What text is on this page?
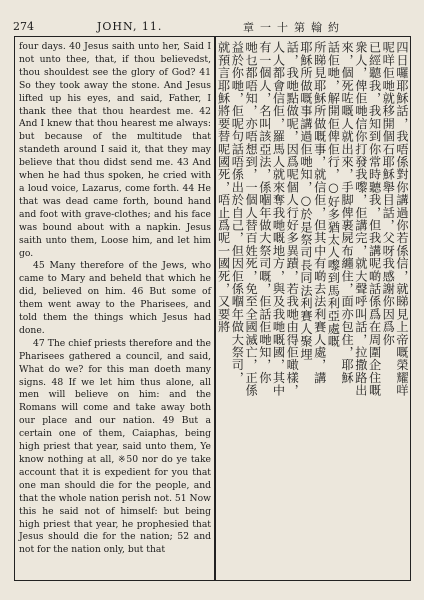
274	JOHN, 11.	章一十第翰約

four days. 40 Jesus saith unto her, Said I not unto thee, that, if thou believedst, thou shouldest see the glory of God? 41 So they took away the stone. And Jesus lifted up his eyes, and said, Father, I thank thee that thou heardest me. 42 And I knew that thou hearest me always: but because of the multitude that standeth around I said it, that they may believe that thou didst send me. 43 And when he had thus spoken, he cried with a loud voice, Lazarus, come forth. 44 He that was dead came forth, bound hand and foot with grave-clothes; and his face was bound about with a napkin. Jesus saith unto them, Loose him, and let him go.

45 Many therefore of the Jews, who came to Mary and beheld that which he did, believed on him. 46 But some of them went away to the Pharisees, and told them the things which Jesus had done.

47 The chief priests therefore and the Pharisees gathered a council, and said, What do we? for this man doeth many signs. 48 If we let him thus alone, all men will believe on him: and the Romans will come and take away both our place and our nation. 49 But a certain one of them, Caiaphas, being high priest that year, said unto them, Ye know nothing at all, ※50 nor do ye take account that it is expedient for you that one man should die for the people, and that the whole nation perish not. 51 Now this he said not of himself: but being high priest that year, he prophesied that Jesus should die for the nation; 52 and not for the nation only, but that

四日囉耶穌話，我唔係對你講過你若係信，就睇見上帝嘅榮耀咩
呢咩佢哋就移開個石耶穌舉目話，父呀我感謝你因爲你
已經聽我，我知到你常時聽我，但我講呢啲話係爲在周圍企住嘅
衆人，俾佢哋信你打發我嚟，佢講完，就大聲呼叫話，拉撒路出
來，個死咗嘅人就出來，手脚俾裹屍布纏住，面亦包住，耶穌
話佢哋，解開佢俾佢行，○好多猶太人嚟到馬利亞處嘅
所睇見耶穌所做嘅事，就信佢，但其中有啲去法利賽人處，講
耶穌所做嘅事講過佢哋知，○於是祭司長同法利賽人聚埋
話，我哋點做呢，因爲呢個人行好多異蹟，若我哋由得佢噉樣，
人人都會信佢，羅馬人就來奪我哋嘅地方，與及我哋嘅國，其中
有一個人，名叫該亞法，係嗰年做大祭司嘅，佢話佢哋知，你
哋乜都唔知，亦唔想到，一個人替百姓死，免至全國滅亡，正係
益於你哋，佢呢句話唔係出於自己，但因佢係嗰年做大祭司，
就預言耶穌將要替呢國死，唔止爲呢一國死，又要將
